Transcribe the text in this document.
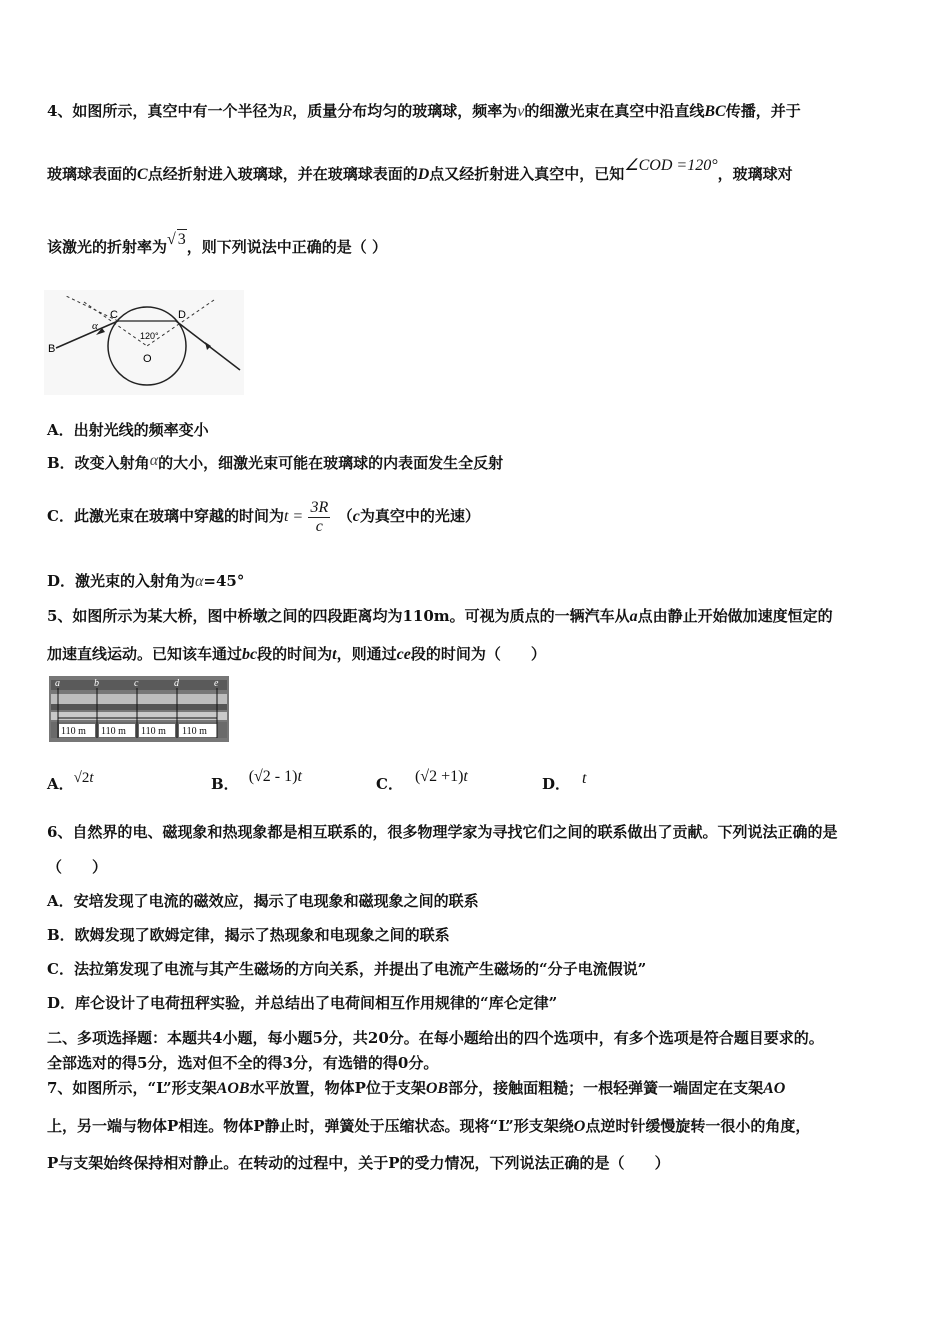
4、如图所示，真空中有一个半径为R，质量分布均匀的玻璃球，频率为ν的细激光束在真空中沿直线BC传播，并于
玻璃球表面的C点经折射进入玻璃球，并在玻璃球表面的D点又经折射进入真空中，已知∠COD =120°，玻璃球对
该激光的折射率为√ 3，则下列说法中正确的是（ ）
B
α
C	D
120°
O
A．出射光线的频率变小
B．改变入射角α的大小，细激光束可能在玻璃球的内表面发生全反射
C．此激光束在玻璃中穿越的时间为$t = \frac{3R}{c}$
　 （c为真空中的光速）
D．激光束的入射角为α=45°
5、如图所示为某大桥，图中桥墩之间的四段距离均为110m。可视为质点的一辆汽车从a点由静止开始做加速度恒定的
加速直线运动。已知该车通过bc段的时间为t，则通过ce段的时间为（　　）
a	b	c	d	e
110 m 110 m 110 m 110 m
A．√2t	B． (√2 - 1)t	C． (√2 +1)t	D． t
6、自然界的电、磁现象和热现象都是相互联系的，很多物理学家为寻找它们之间的联系做出了贡献。下列说法正确的是
（　　）
A．安培发现了电流的磁效应，揭示了电现象和磁现象之间的联系
B．欧姆发现了欧姆定律，揭示了热现象和电现象之间的联系
C．法拉第发现了电流与其产生磁场的方向关系，并提出了电流产生磁场的“分子电流假说”
D．库仑设计了电荷扭秤实验，并总结出了电荷间相互作用规律的“库仑定律”
二、多项选择题：本题共4小题，每小题5分，共20分。在每小题给出的四个选项中，有多个选项是符合题目要求的。
全部选对的得5分，选对但不全的得3分，有选错的得0分。
7、如图所示，“L”形支架AOB水平放置，物体P位于支架OB部分，接触面粗糙；一根轻弹簧一端固定在支架AO
上，另一端与物体P相连。物体P静止时，弹簧处于压缩状态。现将“L”形支架绕O点逆时针缓慢旋转一很小的角度，
P与支架始终保持相对静止。在转动的过程中，关于P的受力情况，下列说法正确的是（　　）
